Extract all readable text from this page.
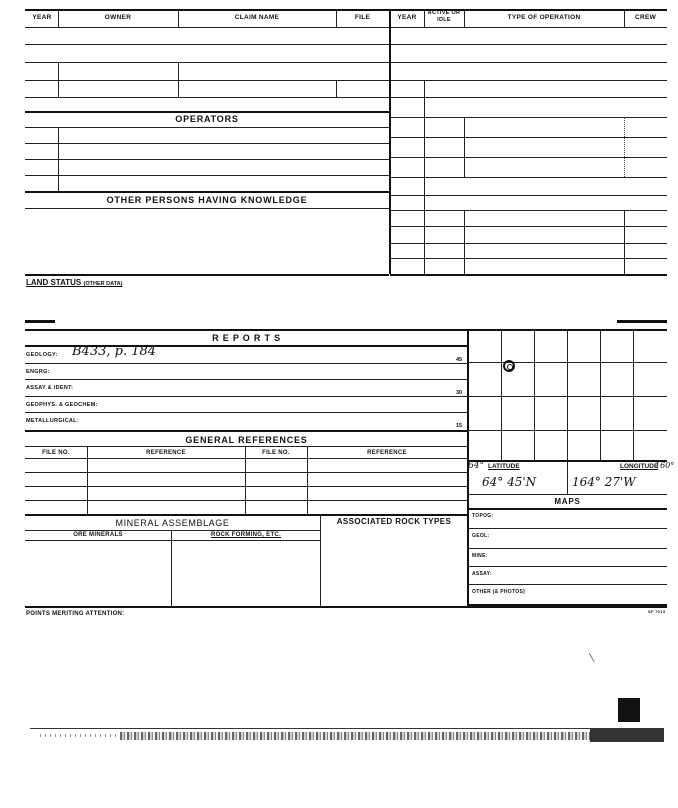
YEAR	OWNER	CLAIM NAME	FILE	YEAR
ACTIVE OR IDLE	TYPE OF OPERATION	CREW
OPERATORS
OTHER PERSONS HAVING KNOWLEDGE
LAND STATUS (OTHER DATA)
R E P O R T S
GEOLOGY: B433, p. 184
45
ENGRG:
ASSAY & IDENT:
30
GEOPHYS. & GEOCHEM:
METALLURGICAL:
15
GENERAL REFERENCES
FILE NO.	REFERENCE	FILE NO.	REFERENCE
64° LATITUDE	LONGITUDE
160°
64° 45'N	164° 27'W
MAPS
TOPOG:
GEOL:
MINE:
ASSAY:
OTHER (& PHOTOS)
MINERAL ASSEMBLAGE
ORE MINERALS	ROCK FORMING, ETC.
ASSOCIATED ROCK TYPES
POINTS MERITING ATTENTION:	SF 7013
